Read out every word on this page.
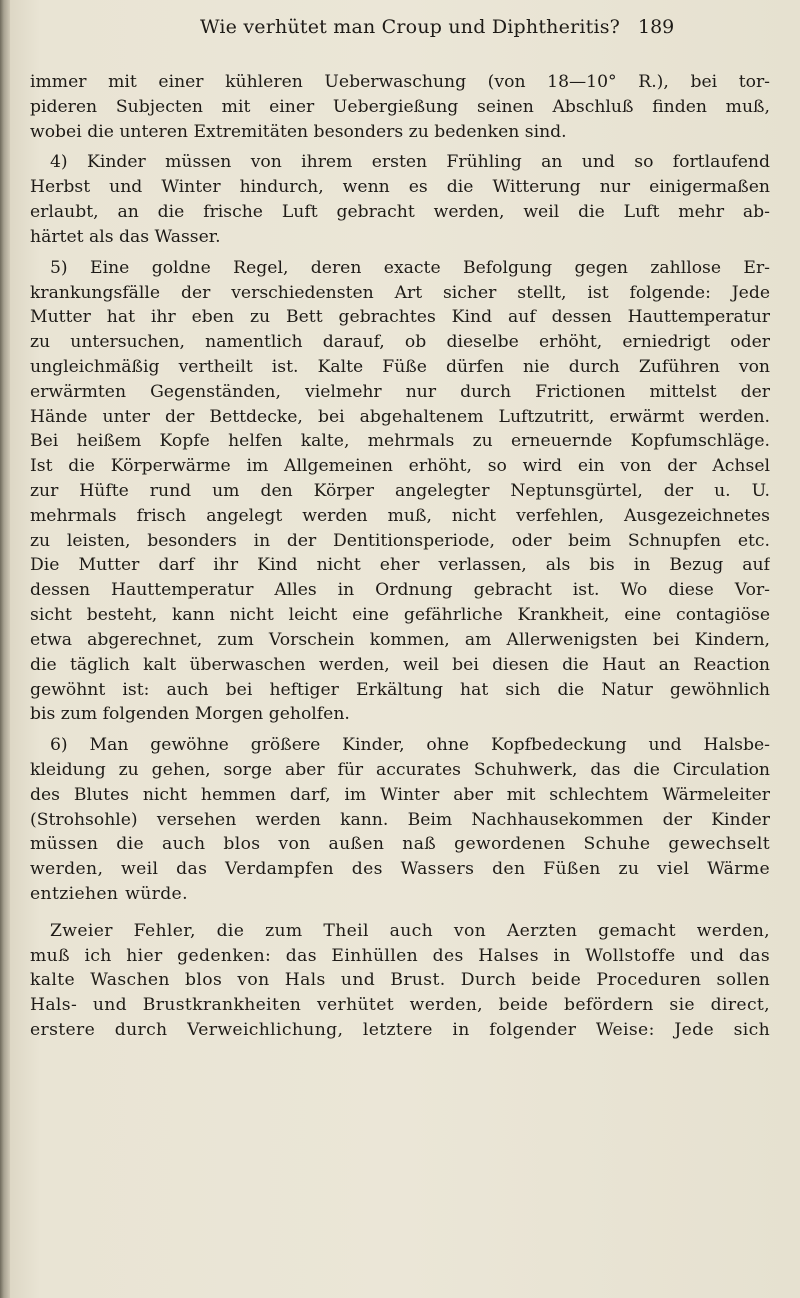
Wie verhütet man Croup und Diphtheritis? 189
immer mit einer kühleren Ueberwaschung (von 18—10° R.), bei tor-
pideren Subjecten mit einer Uebergießung seinen Abschluß finden muß,
wobei die unteren Extremitäten besonders zu bedenken sind.
4) Kinder müssen von ihrem ersten Frühling an und so fortlaufend
Herbst und Winter hindurch, wenn es die Witterung nur einigermaßen
erlaubt, an die frische Luft gebracht werden, weil die Luft mehr ab-
härtet als das Wasser.
5) Eine goldne Regel, deren exacte Befolgung gegen zahllose Er-
krankungsfälle der verschiedensten Art sicher stellt, ist folgende: Jede
Mutter hat ihr eben zu Bett gebrachtes Kind auf dessen Hauttemperatur
zu untersuchen, namentlich darauf, ob dieselbe erhöht, erniedrigt oder
ungleichmäßig vertheilt ist. Kalte Füße dürfen nie durch Zuführen von
erwärmten Gegenständen, vielmehr nur durch Frictionen mittelst der
Hände unter der Bettdecke, bei abgehaltenem Luftzutritt, erwärmt werden.
Bei heißem Kopfe helfen kalte, mehrmals zu erneuernde Kopfumschläge.
Ist die Körperwärme im Allgemeinen erhöht, so wird ein von der Achsel
zur Hüfte rund um den Körper angelegter Neptunsgürtel, der u. U.
mehrmals frisch angelegt werden muß, nicht verfehlen, Ausgezeichnetes
zu leisten, besonders in der Dentitionsperiode, oder beim Schnupfen etc.
Die Mutter darf ihr Kind nicht eher verlassen, als bis in Bezug auf
dessen Hauttemperatur Alles in Ordnung gebracht ist. Wo diese Vor-
sicht besteht, kann nicht leicht eine gefährliche Krankheit, eine contagiöse
etwa abgerechnet, zum Vorschein kommen, am Allerwenigsten bei Kindern,
die täglich kalt überwaschen werden, weil bei diesen die Haut an Reaction
gewöhnt ist: auch bei heftiger Erkältung hat sich die Natur gewöhnlich
bis zum folgenden Morgen geholfen.
6) Man gewöhne größere Kinder, ohne Kopfbedeckung und Halsbe-
kleidung zu gehen, sorge aber für accurates Schuhwerk, das die Circulation
des Blutes nicht hemmen darf, im Winter aber mit schlechtem Wärmeleiter
(Strohsohle) versehen werden kann. Beim Nachhausekommen der Kinder
müssen die auch blos von außen naß gewordenen Schuhe gewechselt
werden, weil das Verdampfen des Wassers den Füßen zu viel Wärme
entziehen würde.
Zweier Fehler, die zum Theil auch von Aerzten gemacht werden,
muß ich hier gedenken: das Einhüllen des Halses in Wollstoffe und das
kalte Waschen blos von Hals und Brust. Durch beide Proceduren sollen
Hals- und Brustkrankheiten verhütet werden, beide befördern sie direct,
erstere durch Verweichlichung, letztere in folgender Weise: Jede sich
